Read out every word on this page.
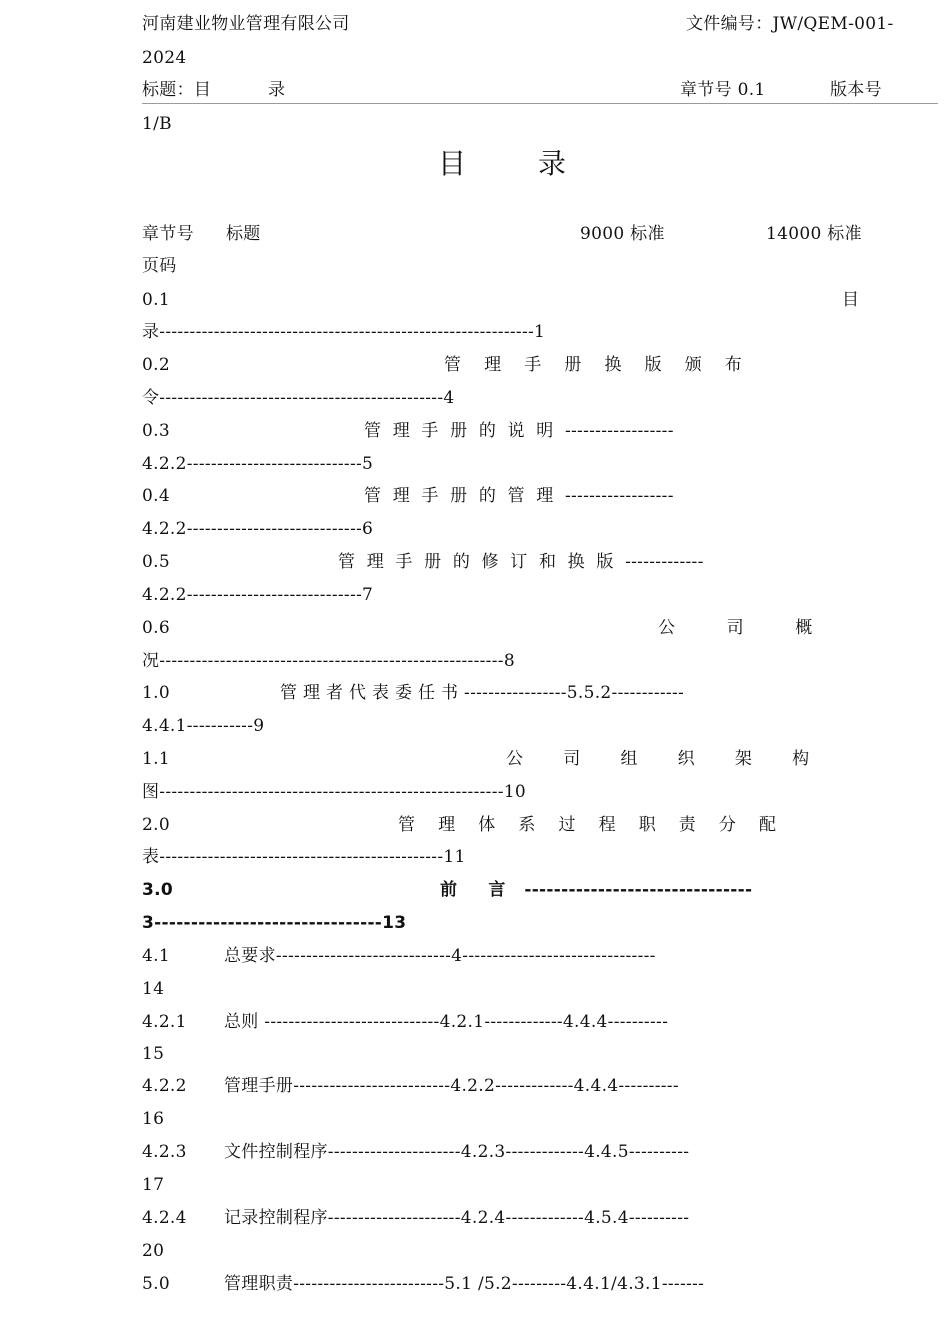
河南建业物业管理有限公司	文件编号：JW/QEM-001-
2024
标题：目	录	章节号 0.1	版本号
1/B
目	录
章节号 标题	9000 标准	14000 标准
页码
0.1	目
录--------------------------------------------------------------1
0.2	管    理    手    册    换    版    颁    布
令-----------------------------------------------4
0.3	管  理  手  册  的  说  明  ------------------
4.2.2-----------------------------5
0.4	管  理  手  册  的  管  理  ------------------
4.2.2-----------------------------6
0.5	管  理  手  册  的  修  订  和  换  版  -------------
4.2.2-----------------------------7
0.6	公         司         概
况---------------------------------------------------------8
1.0	管 理 者 代 表 委 任 书 -----------------5.5.2------------
4.4.1-----------9
1.1	公       司       组       织       架       构
图---------------------------------------------------------10
2.0	管    理    体    系    过    程    职    责    分    配
表-----------------------------------------------11
3.0	前     言   -------------------------------
3-------------------------------13
4.1	总要求-----------------------------4--------------------------------
14
4.2.1 总则 -----------------------------4.2.1-------------4.4.4----------
15
4.2.2 管理手册--------------------------4.2.2-------------4.4.4----------
16
4.2.3 文件控制程序----------------------4.2.3-------------4.4.5----------
17
4.2.4 记录控制程序----------------------4.2.4-------------4.5.4----------
20
5.0	管理职责-------------------------5.1 /5.2---------4.4.1/4.3.1-------
